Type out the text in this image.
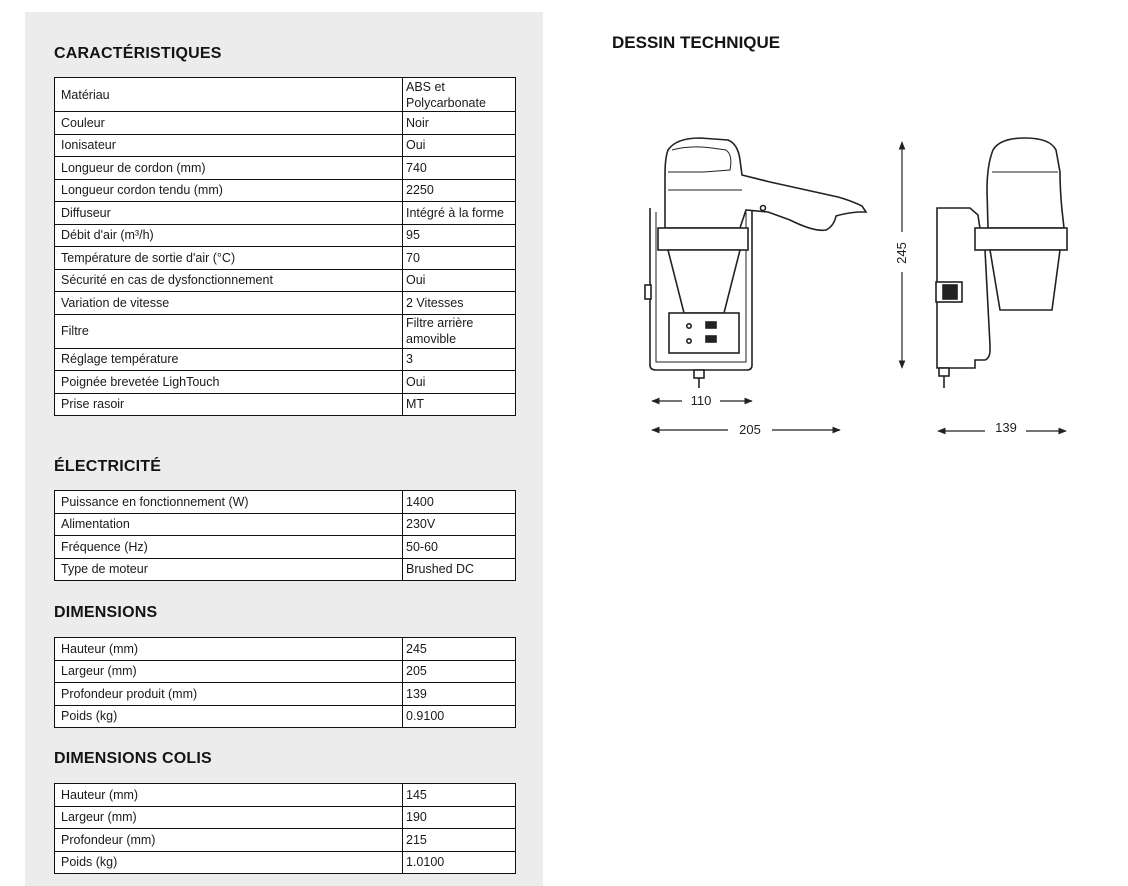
CARACTÉRISTIQUES
Matériau	ABS et Polycarbonate
Couleur	Noir
Ionisateur	Oui
Longueur de cordon (mm)	740
Longueur cordon tendu (mm)	2250
Diffuseur	Intégré à la forme
Débit d'air (m³/h)	95
Température de sortie d'air (°C)	70
Sécurité en cas de dysfonctionnement	Oui
Variation de vitesse	2 Vitesses
Filtre	Filtre arrière amovible
Réglage température	3
Poignée brevetée LighTouch	Oui
Prise rasoir	MT
ÉLECTRICITÉ
Puissance en fonctionnement (W)	1400
Alimentation	230V
Fréquence (Hz)	50-60
Type de moteur	Brushed DC
DIMENSIONS
Hauteur (mm)	245
Largeur (mm)	205
Profondeur produit (mm)	139
Poids (kg)	0.9100
DIMENSIONS COLIS
Hauteur (mm)	145
Largeur (mm)	190
Profondeur (mm)	215
Poids (kg)	1.0100
DESSIN TECHNIQUE
245
110
205	139
